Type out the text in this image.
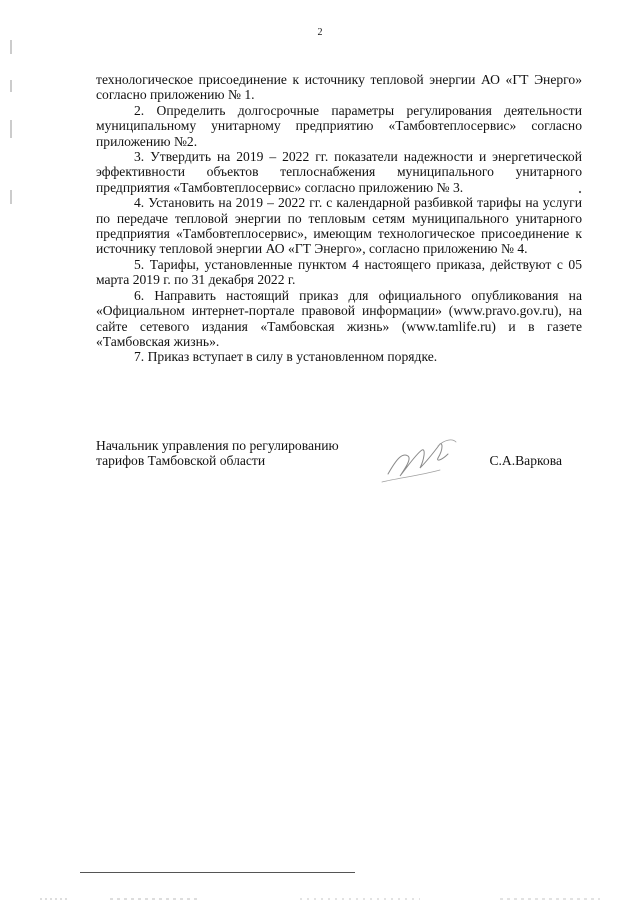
2

технологическое присоединение к источнику тепловой энергии АО «ГТ Энерго» согласно приложению № 1.

2. Определить долгосрочные параметры регулирования деятельности муниципальному унитарному предприятию «Тамбовтеплосервис» согласно приложению №2.

3. Утвердить на 2019 – 2022 гг. показатели надежности и энергетической эффективности объектов теплоснабжения муниципального унитарного предприятия «Тамбовтеплосервис» согласно приложению № 3.

4. Установить на 2019 – 2022 гг. с календарной разбивкой тарифы на услуги по передаче тепловой энергии по тепловым сетям муниципального унитарного предприятия «Тамбовтеплосервис», имеющим технологическое присоединение к источнику тепловой энергии АО «ГТ Энерго», согласно приложению № 4.

5. Тарифы, установленные пунктом 4 настоящего приказа, действуют с 05 марта 2019 г. по 31 декабря 2022 г.

6. Направить настоящий приказ для официального опубликования на «Официальном интернет-портале правовой информации» (www.pravo.gov.ru), на сайте сетевого издания «Тамбовская жизнь» (www.tamlife.ru) и в газете «Тамбовская жизнь».

7. Приказ вступает в силу в установленном порядке.

Начальник управления по регулированию
тарифов Тамбовской области	С.А.Варкова
